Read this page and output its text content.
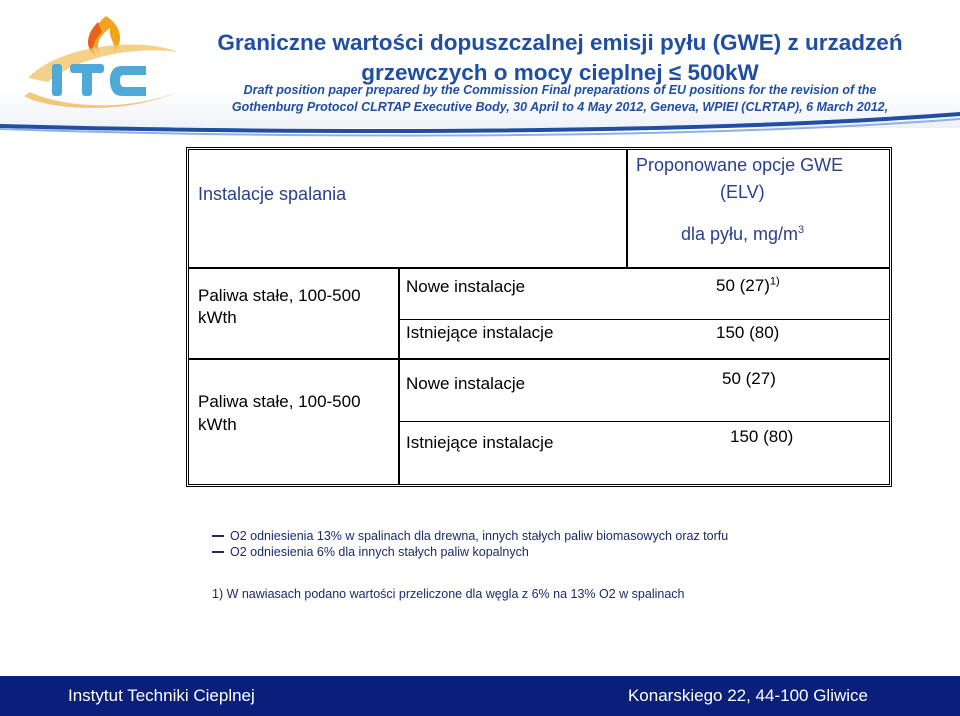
Graniczne wartości dopuszczalnej emisji pyłu (GWE) z urzadzeń
grzewczych o mocy cieplnej ≤ 500kW
Draft position paper prepared by the Commission Final preparations of EU positions for the revision of the
Gothenburg Protocol CLRTAP Executive Body, 30 April to 4 May 2012, Geneva, WPIEI (CLRTAP), 6 March 2012,
Instalacje spalania
Proponowane opcje GWE
(ELV)
dla pyłu, $mg/m^3$
Paliwa stałe, 100-500
kWth
Nowe instalacje
Istniejące instalacje
50 $(27)^{1)}$
150 (80)
Paliwa stałe, 100-500
kWth
Nowe instalacje
Istniejące instalacje
50 (27)
150 (80)
O2 odniesienia 13% w spalinach dla drewna, innych stałych paliw biomasowych oraz torfu
O2 odniesienia 6% dla innych stałych paliw kopalnych
1) W nawiasach podano wartości przeliczone dla węgla z 6% na 13% O2 w spalinach
Instytut Techniki Cieplnej	Konarskiego 22, 44-100 Gliwice
